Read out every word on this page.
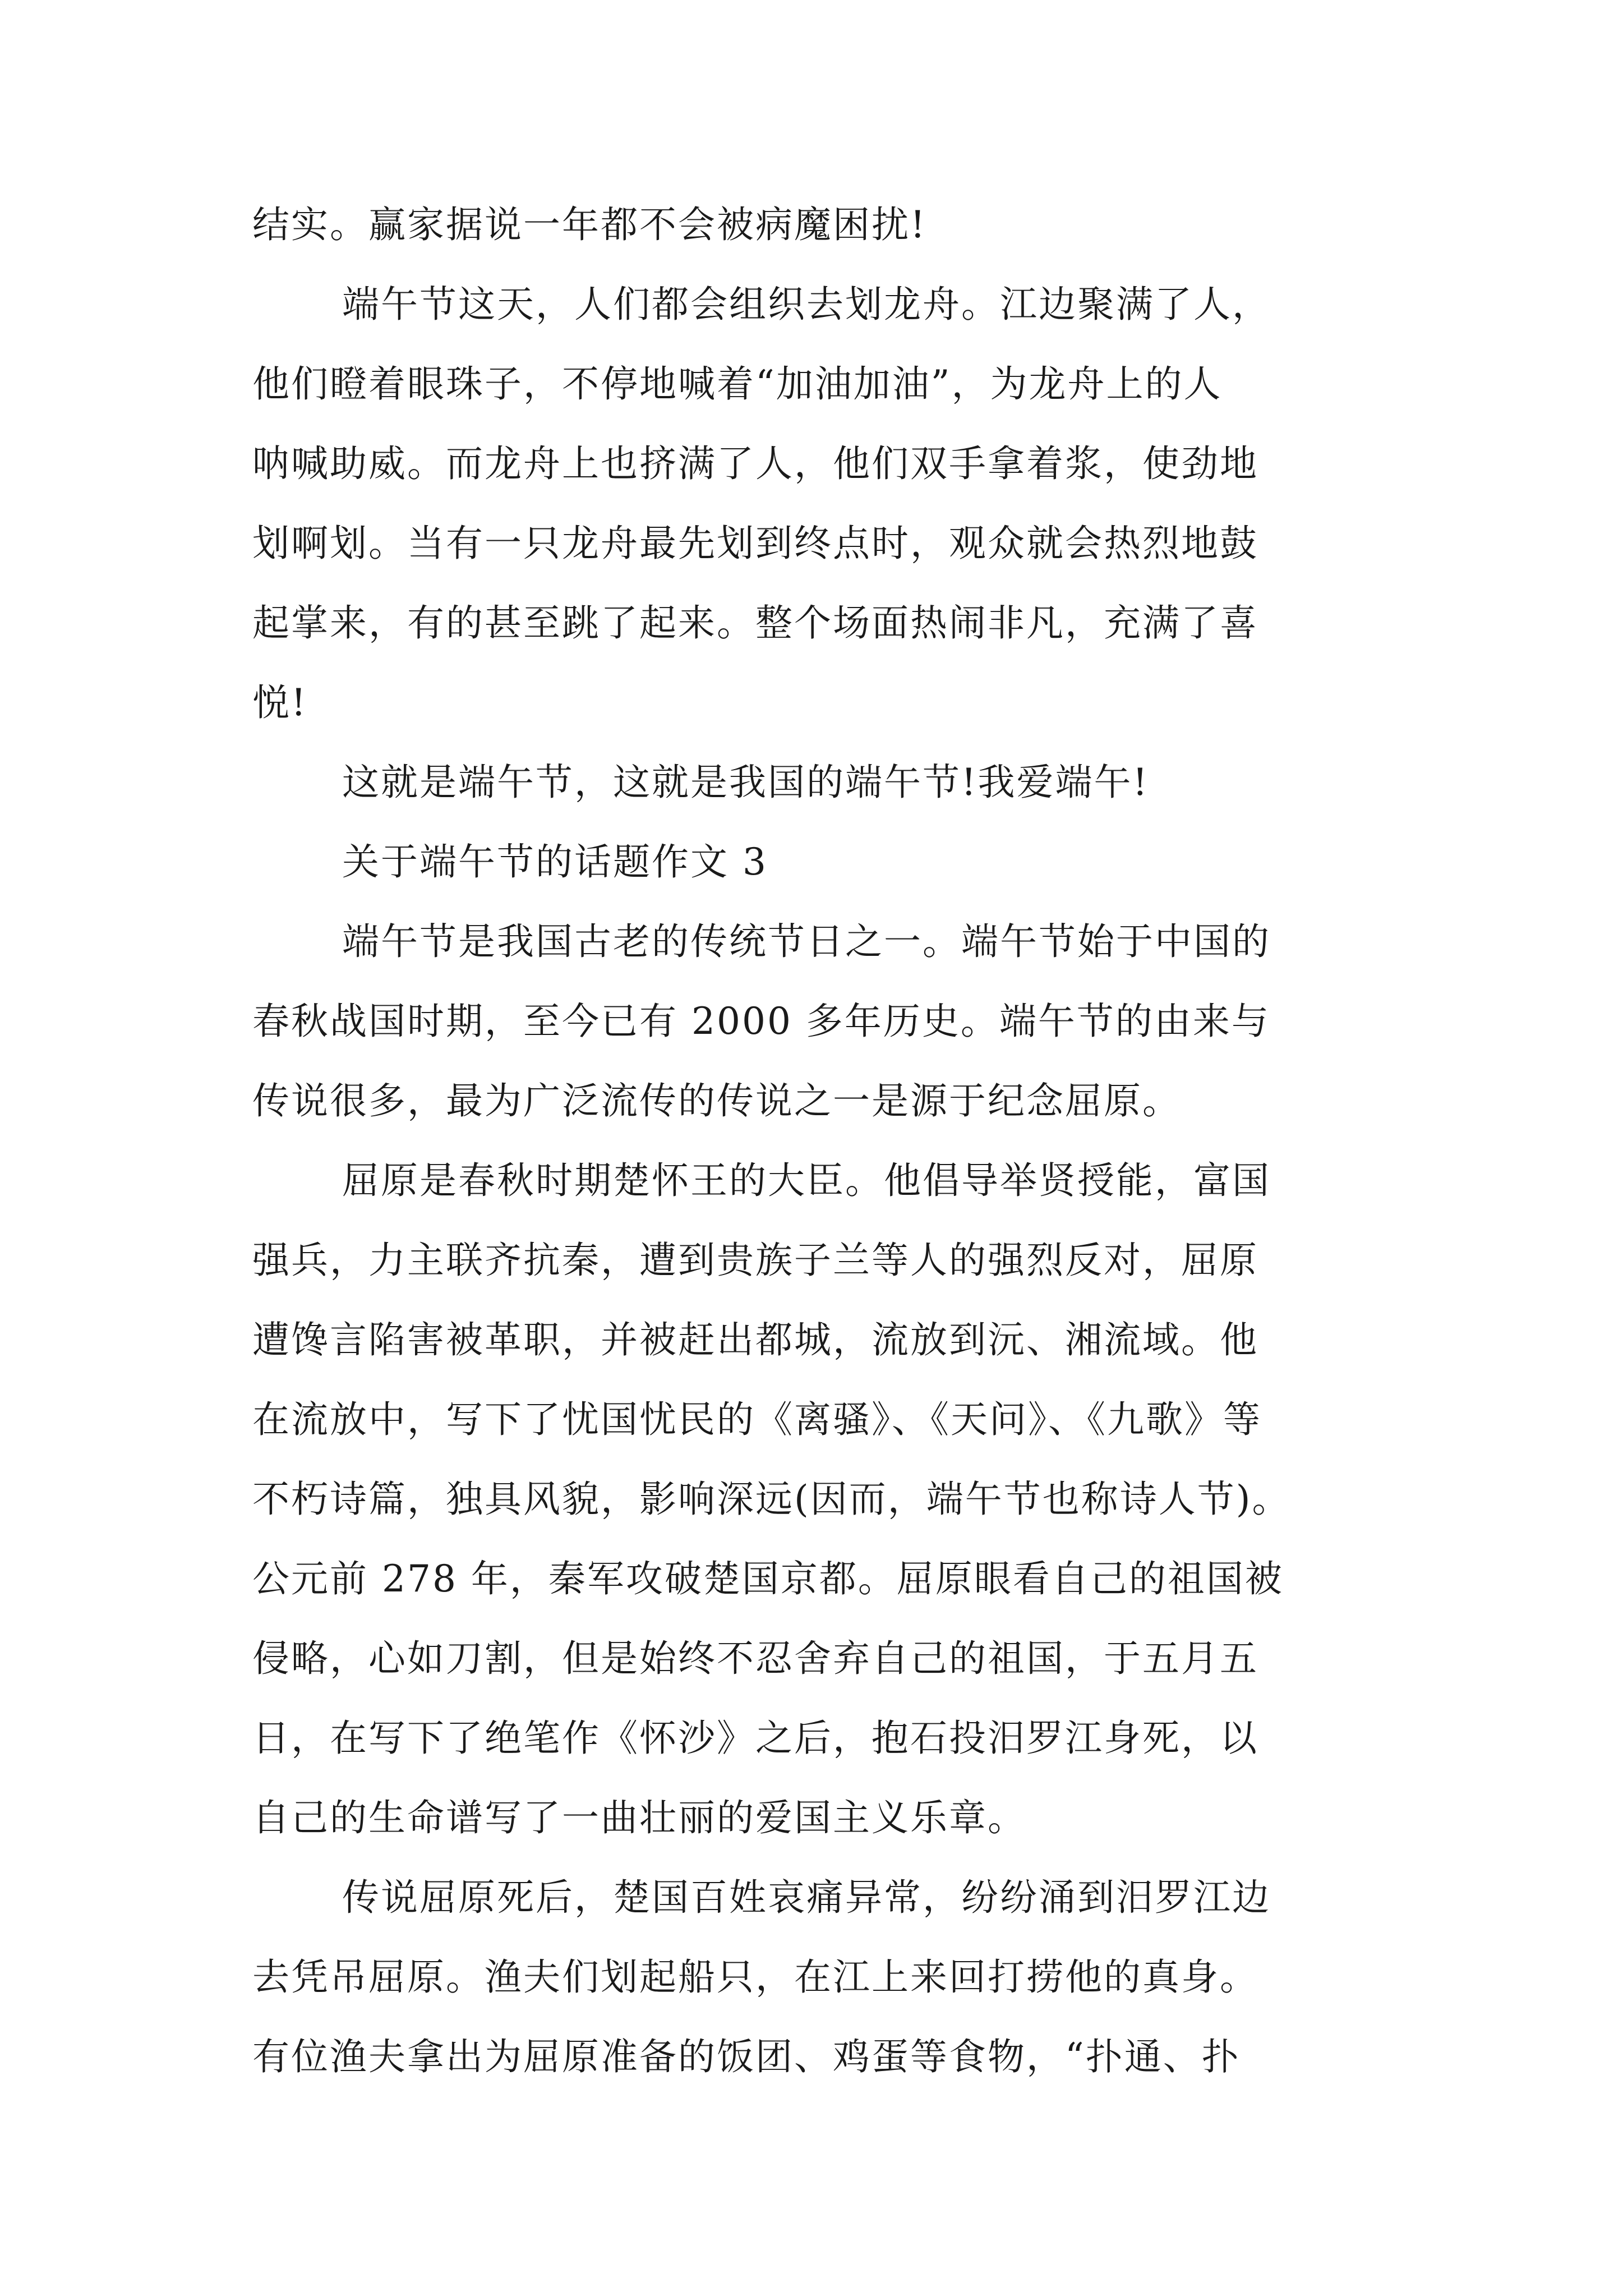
结实。赢家据说一年都不会被病魔困扰!
端午节这天，人们都会组织去划龙舟。江边聚满了人，
他们瞪着眼珠子，不停地喊着“加油加油”，为龙舟上的人
呐喊助威。而龙舟上也挤满了人，他们双手拿着浆，使劲地
划啊划。当有一只龙舟最先划到终点时，观众就会热烈地鼓
起掌来，有的甚至跳了起来。整个场面热闹非凡，充满了喜
悦!
这就是端午节，这就是我国的端午节!我爱端午!
关于端午节的话题作文 3
端午节是我国古老的传统节日之一。端午节始于中国的
春秋战国时期，至今已有 2000 多年历史。端午节的由来与
传说很多，最为广泛流传的传说之一是源于纪念屈原。
屈原是春秋时期楚怀王的大臣。他倡导举贤授能，富国
强兵，力主联齐抗秦，遭到贵族子兰等人的强烈反对，屈原
遭馋言陷害被革职，并被赶出都城，流放到沅、湘流域。他
在流放中，写下了忧国忧民的《离骚》、《天问》、《九歌》等
不朽诗篇，独具风貌，影响深远(因而，端午节也称诗人节)。
公元前 278 年，秦军攻破楚国京都。屈原眼看自己的祖国被
侵略，心如刀割，但是始终不忍舍弃自己的祖国，于五月五
日，在写下了绝笔作《怀沙》之后，抱石投汨罗江身死，以
自己的生命谱写了一曲壮丽的爱国主义乐章。
传说屈原死后，楚国百姓哀痛异常，纷纷涌到汨罗江边
去凭吊屈原。渔夫们划起船只，在江上来回打捞他的真身。
有位渔夫拿出为屈原准备的饭团、鸡蛋等食物，“扑通、扑
